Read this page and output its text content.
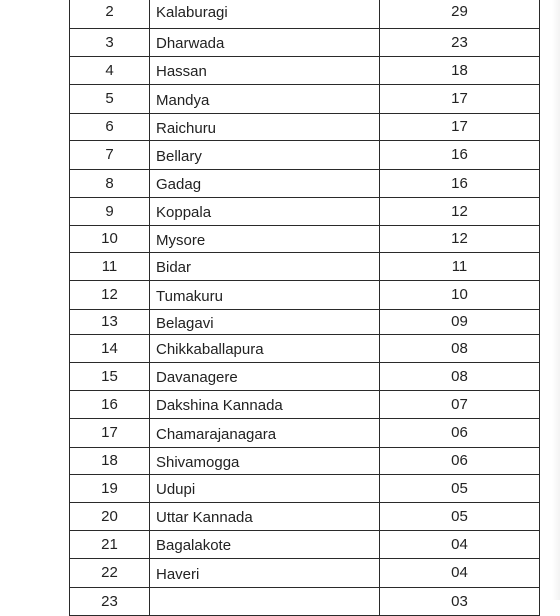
2	Kalaburagi	29
3	Dharwada	23
4	Hassan	18
5	Mandya	17
6	Raichuru	17
7	Bellary	16
8	Gadag	16
9	Koppala	12
10	Mysore	12
11	Bidar	11
12	Tumakuru	10
13	Belagavi	09
14	Chikkaballapura	08
15	Davanagere	08
16	Dakshina Kannada	07
17	Chamarajanagara	06
18	Shivamogga	06
19	Udupi	05
20	Uttar Kannada	05
21	Bagalakote	04
22	Haveri	04
23		03
